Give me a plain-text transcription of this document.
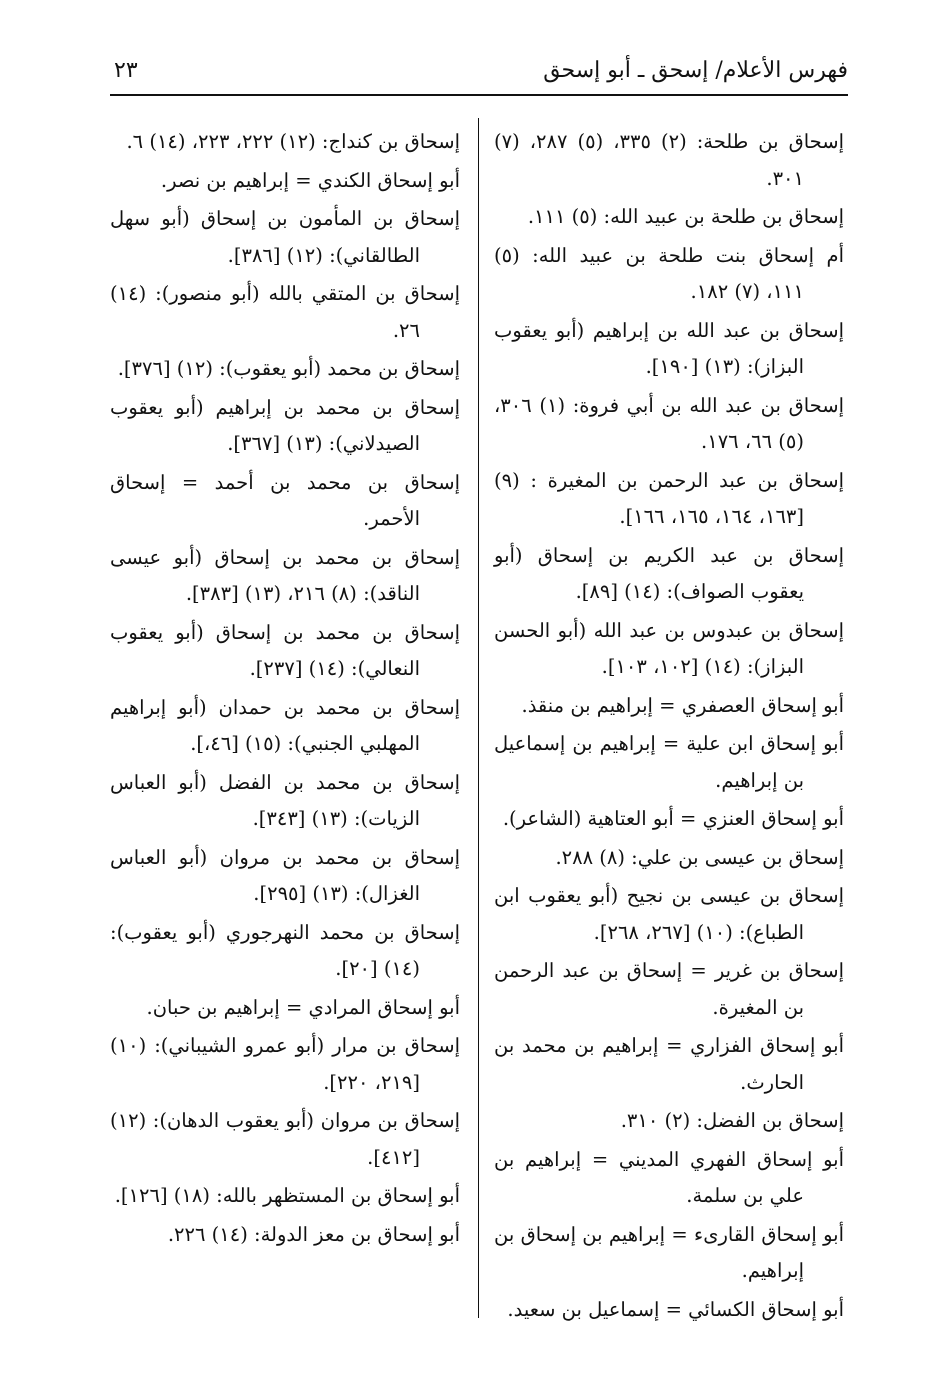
فهرس الأعلام/ إسحق ـ أبو إسحق
٢٣

إسحاق بن طلحة: (٢) ٣٣٥، (٥) ٢٨٧، (٧) ٣٠١.

إسحاق بن طلحة بن عبيد الله: (٥) ١١١.

أم إسحاق بنت طلحة بن عبيد الله: (٥) ١١١، (٧) ١٨٢.

إسحاق بن عبد الله بن إبراهيم (أبو يعقوب البزاز): (١٣) [١٩٠].

إسحاق بن عبد الله بن أبي فروة: (١) ٣٠٦، (٥) ٦٦، ١٧٦.

إسحاق بن عبد الرحمن بن المغيرة : (٩) [١٦٣، ١٦٤، ١٦٥، ١٦٦].

إسحاق بن عبد الكريم بن إسحاق (أبو يعقوب الصواف): (١٤) [٨٩].

إسحاق بن عبدوس بن عبد الله (أبو الحسن البزاز): (١٤) [١٠٢، ١٠٣].

أبو إسحاق العصفري = إبراهيم بن منقذ.

أبو إسحاق ابن علية = إبراهيم بن إسماعيل بن إبراهيم.

أبو إسحاق العنزي = أبو العتاهية (الشاعر).

إسحاق بن عيسى بن علي: (٨) ٢٨٨.

إسحاق بن عيسى بن نجيح (أبو يعقوب ابن الطباع): (١٠) [٢٦٧، ٢٦٨].

إسحاق بن غرير = إسحاق بن عبد الرحمن بن المغيرة.

أبو إسحاق الفزاري = إبراهيم بن محمد بن الحارث.

إسحاق بن الفضل: (٢) ٣١٠.

أبو إسحاق الفهري المديني = إبراهيم بن علي بن سلمة.

أبو إسحاق القارىء = إبراهيم بن إسحاق بن إبراهيم.

أبو إسحاق الكسائي = إسماعيل بن سعيد.

إسحاق بن كنداج: (١٢) ٢٢٢، ٢٢٣، (١٤) ٦.

أبو إسحاق الكندي = إبراهيم بن نصر.

إسحاق بن المأمون بن إسحاق (أبو سهل الطالقاني): (١٢) [٣٨٦].

إسحاق بن المتقي بالله (أبو منصور): (١٤) ٢٦.

إسحاق بن محمد (أبو يعقوب): (١٢) [٣٧٦].

إسحاق بن محمد بن إبراهيم (أبو يعقوب الصيدلاني): (١٣) [٣٦٧].

إسحاق بن محمد بن أحمد = إسحاق الأحمر.

إسحاق بن محمد بن إسحاق (أبو عيسى الناقد): (٨) ٢١٦، (١٣) [٣٨٣].

إسحاق بن محمد بن إسحاق (أبو يعقوب النعالي): (١٤) [٢٣٧].

إسحاق بن محمد بن حمدان (أبو إبراهيم المهلبي الجنبي): (١٥) [٤٦،].

إسحاق بن محمد بن الفضل (أبو العباس الزيات): (١٣) [٣٤٣].

إسحاق بن محمد بن مروان (أبو العباس الغزال): (١٣) [٢٩٥].

إسحاق بن محمد النهرجوري (أبو يعقوب): (١٤) [٢٠].

أبو إسحاق المرادي = إبراهيم بن حبان.

إسحاق بن مرار (أبو عمرو الشيباني): (١٠) [٢١٩، ٢٢٠].

إسحاق بن مروان (أبو يعقوب الدهان): (١٢) [٤١٢].

أبو إسحاق بن المستظهر بالله: (١٨) [١٢٦].

أبو إسحاق بن معز الدولة: (١٤) ٢٢٦.
